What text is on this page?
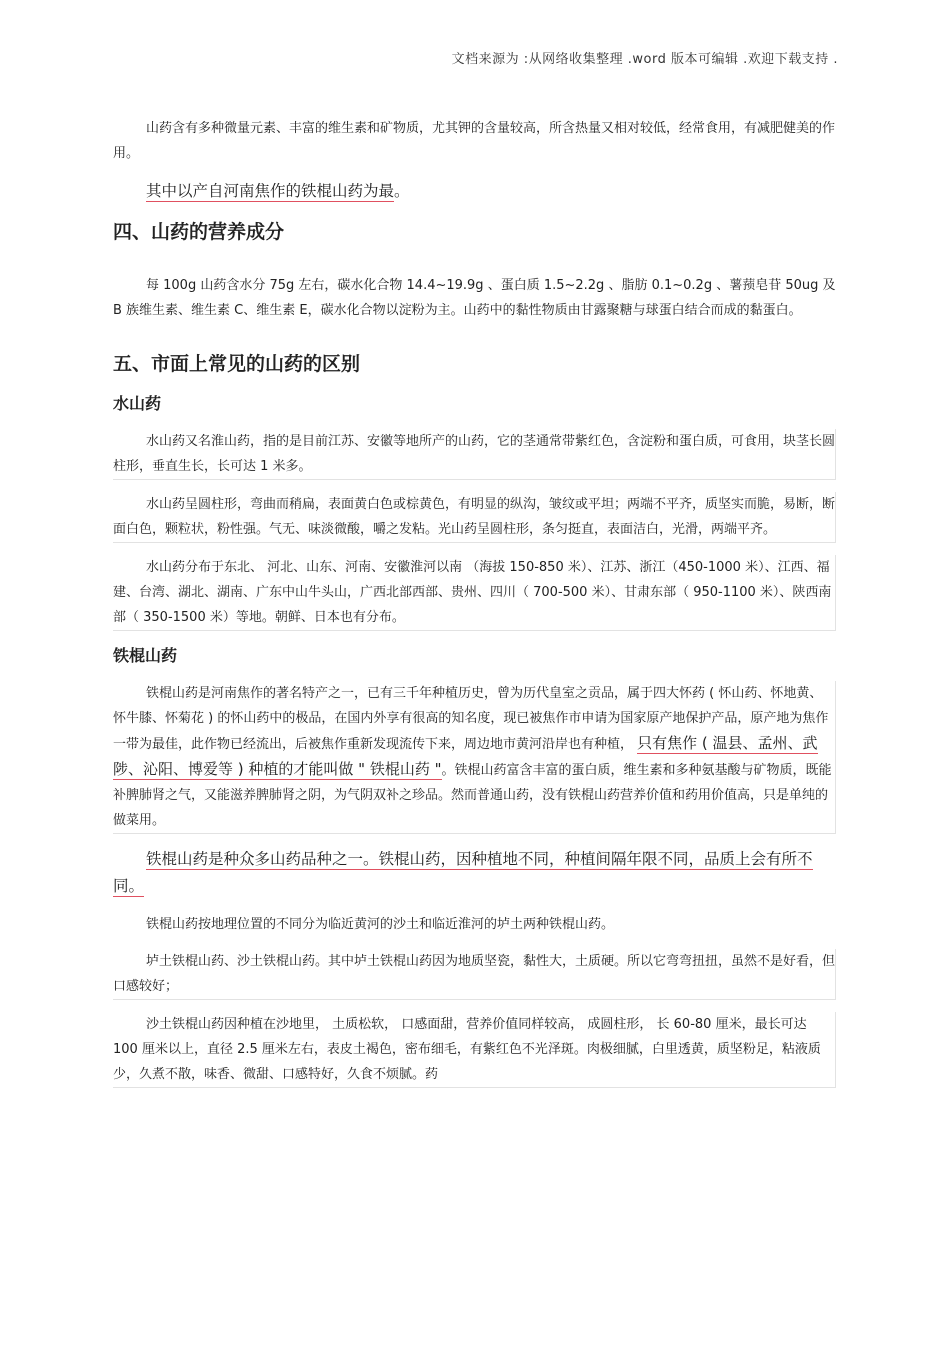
文档来源为 :从网络收集整理 .word 版本可编辑 .欢迎下载支持 .

山药含有多种微量元素、丰富的维生素和矿物质，尤其钾的含量较高，所含热量又相对较低，经常食用，有减肥健美的作用。

其中以产自河南焦作的铁棍山药为最。

四、山药的营养成分

每 100g 山药含水分 75g 左右，碳水化合物 14.4~19.9g 、蛋白质 1.5~2.2g 、脂肪 0.1~0.2g 、薯蓣皂苷 50ug 及 B 族维生素、维生素 C、维生素 E，碳水化合物以淀粉为主。山药中的黏性物质由甘露聚糖与球蛋白结合而成的黏蛋白。

五、市面上常见的山药的区别
水山药

水山药又名淮山药，指的是目前江苏、安徽等地所产的山药，它的茎通常带紫红色，含淀粉和蛋白质，可食用，块茎长圆柱形，垂直生长，长可达 1 米多。

水山药呈圆柱形，弯曲而稍扁，表面黄白色或棕黄色，有明显的纵沟，皱纹或平坦；两端不平齐，质坚实而脆，易断，断面白色，颗粒状，粉性强。气无、味淡微酸，嚼之发粘。光山药呈圆柱形，条匀挺直，表面洁白，光滑，两端平齐。

水山药分布于东北、 河北、山东、河南、安徽淮河以南 （海拔 150-850 米）、江苏、浙江（450-1000 米）、江西、福建、台湾、湖北、湖南、广东中山牛头山，广西北部西部、贵州、四川（ 700-500 米）、甘肃东部（ 950-1100 米）、陕西南部（ 350-1500 米）等地。朝鲜、日本也有分布。

铁棍山药

铁棍山药是河南焦作的著名特产之一，已有三千年种植历史，曾为历代皇室之贡品，属于四大怀药 ( 怀山药、怀地黄、怀牛膝、怀菊花 ) 的怀山药中的极品，在国内外享有很高的知名度，现已被焦作市申请为国家原产地保护产品，原产地为焦作一带为最佳，此作物已经流出，后被焦作重新发现流传下来，周边地市黄河沿岸也有种植， 只有焦作 ( 温县、孟州、武陟、沁阳、博爱等 ) 种植的才能叫做 " 铁棍山药 "。铁棍山药富含丰富的蛋白质，维生素和多种氨基酸与矿物质，既能补脾肺肾之气，又能滋养脾肺肾之阴，为气阴双补之珍品。然而普通山药，没有铁棍山药营养价值和药用价值高，只是单纯的做菜用。

铁棍山药是种众多山药品种之一。铁棍山药，因种植地不同，种植间隔年限不同，品质上会有所不同。

铁棍山药按地理位置的不同分为临近黄河的沙土和临近淮河的垆土两种铁棍山药。

垆土铁棍山药、沙土铁棍山药。其中垆土铁棍山药因为地质坚瓷，黏性大，土质硬。所以它弯弯扭扭，虽然不是好看，但口感较好；

沙土铁棍山药因种植在沙地里， 土质松软， 口感面甜，营养价值同样较高， 成圆柱形， 长 60-80 厘米，最长可达 100 厘米以上，直径 2.5 厘米左右，表皮土褐色，密布细毛，有紫红色不光泽斑。肉极细腻，白里透黄，质坚粉足，粘液质少，久煮不散，味香、微甜、口感特好，久食不烦腻。药
